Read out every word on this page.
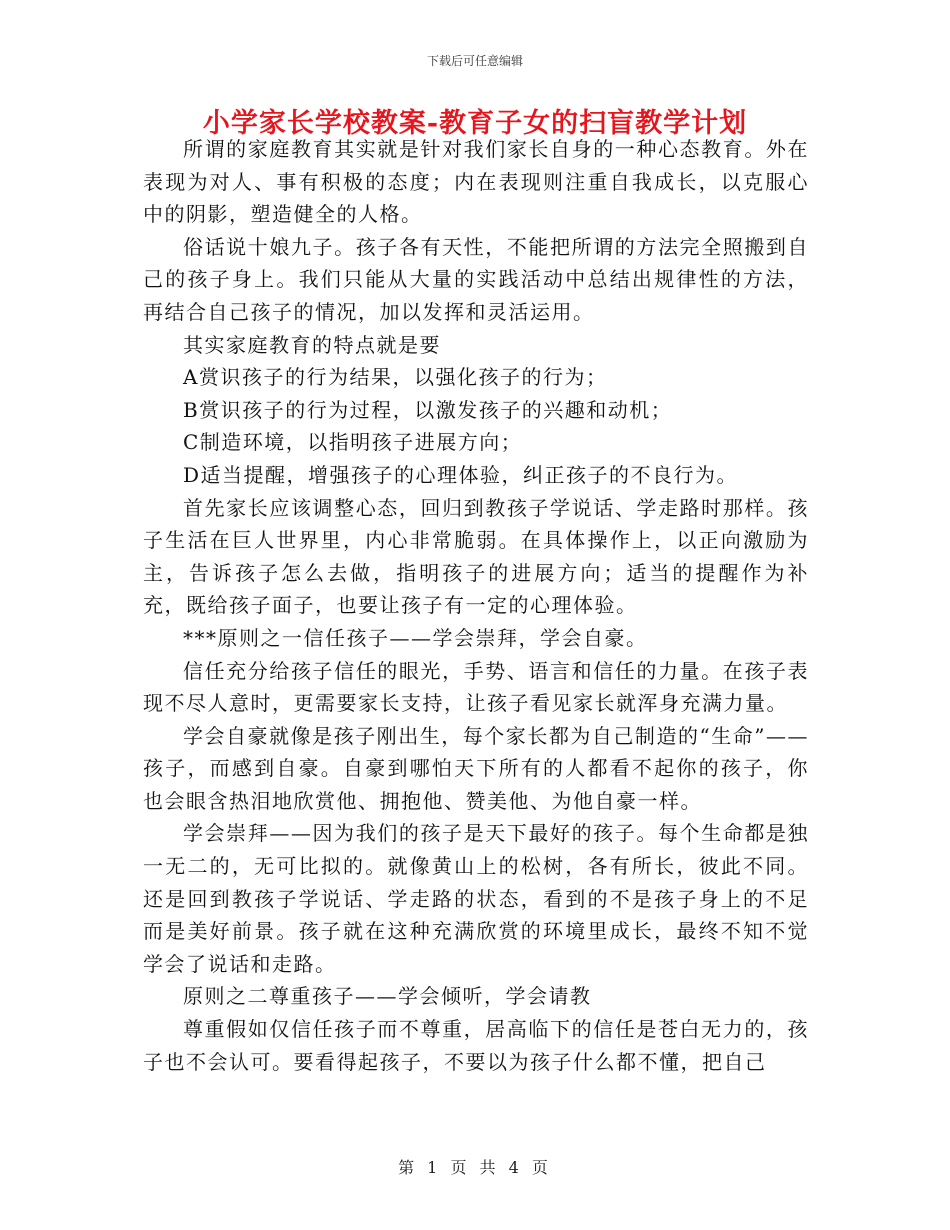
下载后可任意编辑
小学家长学校教案-教育子女的扫盲教学计划

所谓的家庭教育其实就是针对我们家长自身的一种心态教育。外在表现为对人、事有积极的态度；内在表现则注重自我成长，以克服心中的阴影，塑造健全的人格。

俗话说十娘九子。孩子各有天性，不能把所谓的方法完全照搬到自己的孩子身上。我们只能从大量的实践活动中总结出规律性的方法，再结合自己孩子的情况，加以发挥和灵活运用。

其实家庭教育的特点就是要

A赏识孩子的行为结果，以强化孩子的行为；

B赏识孩子的行为过程，以激发孩子的兴趣和动机；

C制造环境，以指明孩子进展方向；

D适当提醒，增强孩子的心理体验，纠正孩子的不良行为。

首先家长应该调整心态，回归到教孩子学说话、学走路时那样。孩子生活在巨人世界里，内心非常脆弱。在具体操作上，以正向激励为主，告诉孩子怎么去做，指明孩子的进展方向；适当的提醒作为补充，既给孩子面子，也要让孩子有一定的心理体验。

***原则之一信任孩子——学会崇拜，学会自豪。

信任充分给孩子信任的眼光，手势、语言和信任的力量。在孩子表现不尽人意时，更需要家长支持，让孩子看见家长就浑身充满力量。

学会自豪就像是孩子刚出生，每个家长都为自己制造的“生命”——孩子，而感到自豪。自豪到哪怕天下所有的人都看不起你的孩子，你也会眼含热泪地欣赏他、拥抱他、赞美他、为他自豪一样。

学会崇拜——因为我们的孩子是天下最好的孩子。每个生命都是独一无二的，无可比拟的。就像黄山上的松树，各有所长，彼此不同。还是回到教孩子学说话、学走路的状态，看到的不是孩子身上的不足而是美好前景。孩子就在这种充满欣赏的环境里成长，最终不知不觉学会了说话和走路。

原则之二尊重孩子——学会倾听，学会请教

尊重假如仅信任孩子而不尊重，居高临下的信任是苍白无力的，孩子也不会认可。要看得起孩子，不要以为孩子什么都不懂，把自己

第 1 页 共 4 页
